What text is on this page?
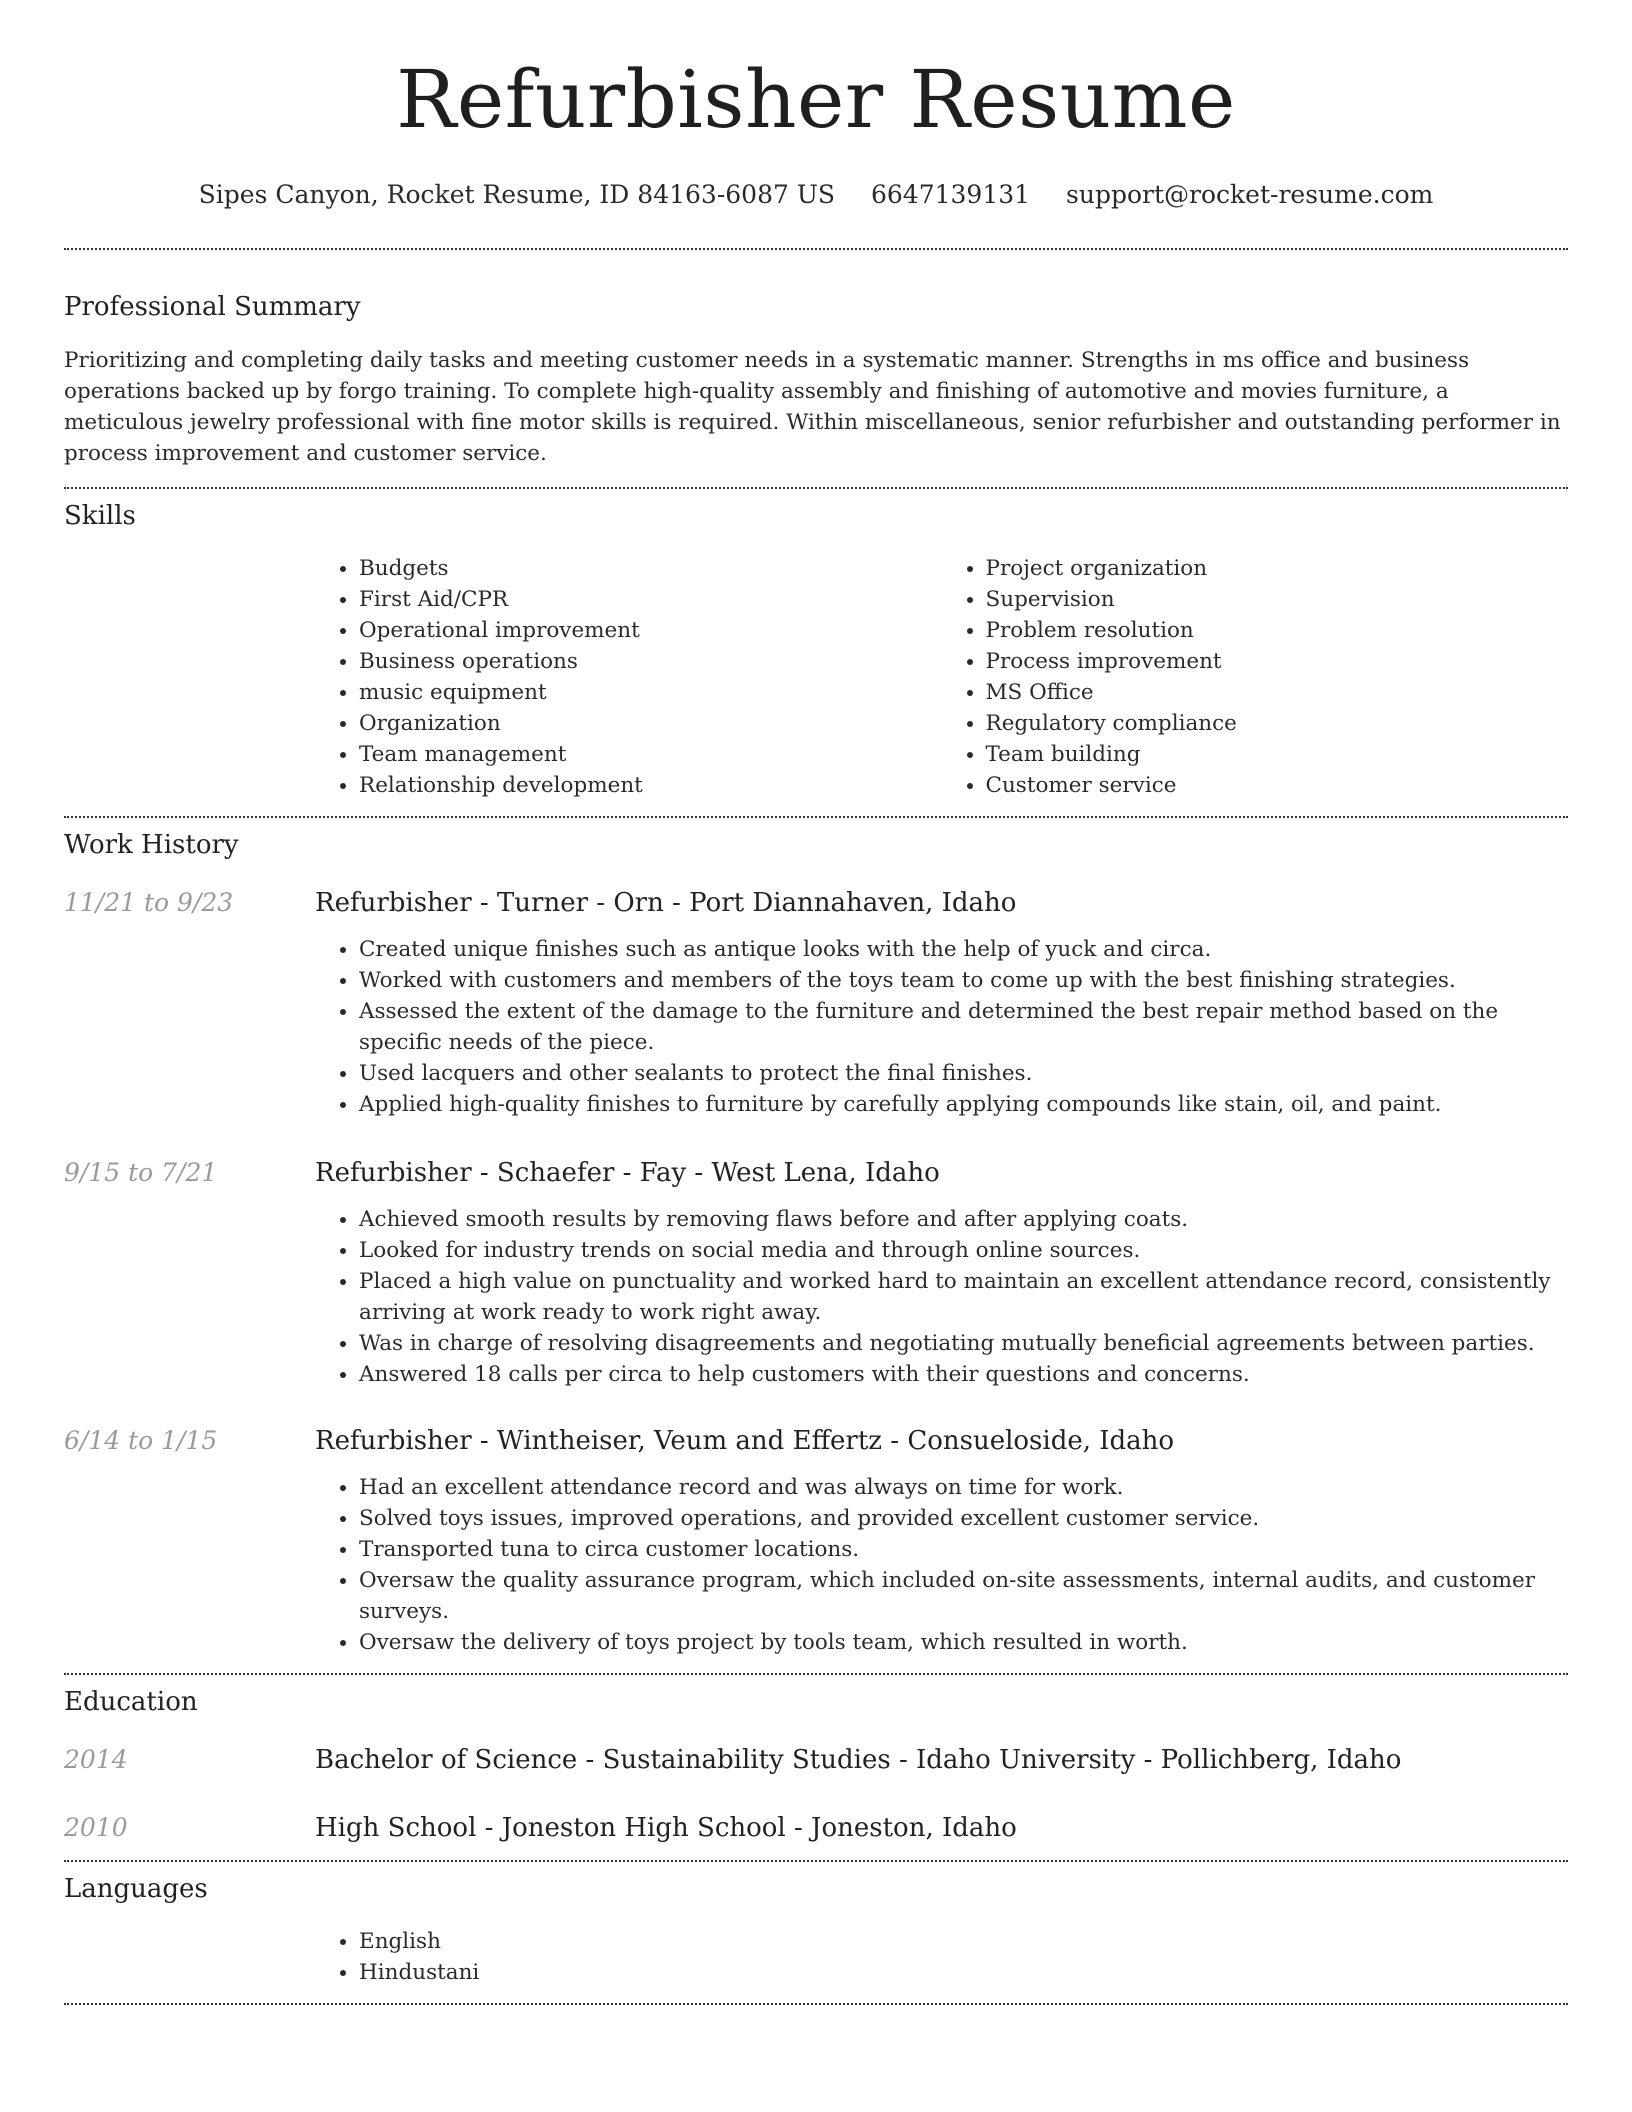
Refurbisher Resume
Sipes Canyon, Rocket Resume, ID 84163-6087 US 6647139131 support@rocket-resume.com
Professional Summary

Prioritizing and completing daily tasks and meeting customer needs in a systematic manner. Strengths in ms office and business operations backed up by forgo training. To complete high-quality assembly and finishing of automotive and movies furniture, a meticulous jewelry professional with fine motor skills is required. Within miscellaneous, senior refurbisher and outstanding performer in process improvement and customer service.

Skills
• Budgets
• First Aid/CPR
• Operational improvement
• Business operations
• music equipment
• Organization
• Team management
• Relationship development
• Project organization
• Supervision
• Problem resolution
• Process improvement
• MS Office
• Regulatory compliance
• Team building
• Customer service
Work History
11/21 to 9/23	Refurbisher - Turner - Orn - Port Diannahaven, Idaho
• Created unique finishes such as antique looks with the help of yuck and circa.
• Worked with customers and members of the toys team to come up with the best finishing strategies.
• Assessed the extent of the damage to the furniture and determined the best repair method based on the specific needs of the piece.
• Used lacquers and other sealants to protect the final finishes.
• Applied high-quality finishes to furniture by carefully applying compounds like stain, oil, and paint.
9/15 to 7/21	Refurbisher - Schaefer - Fay - West Lena, Idaho
• Achieved smooth results by removing flaws before and after applying coats.
• Looked for industry trends on social media and through online sources.
• Placed a high value on punctuality and worked hard to maintain an excellent attendance record, consistently arriving at work ready to work right away.
• Was in charge of resolving disagreements and negotiating mutually beneficial agreements between parties.
• Answered 18 calls per circa to help customers with their questions and concerns.
6/14 to 1/15	Refurbisher - Wintheiser, Veum and Effertz - Consueloside, Idaho
• Had an excellent attendance record and was always on time for work.
• Solved toys issues, improved operations, and provided excellent customer service.
• Transported tuna to circa customer locations.
• Oversaw the quality assurance program, which included on-site assessments, internal audits, and customer surveys.
• Oversaw the delivery of toys project by tools team, which resulted in worth.
Education
2014	Bachelor of Science - Sustainability Studies - Idaho University - Pollichberg, Idaho
2010	High School - Joneston High School - Joneston, Idaho
Languages
• English
• Hindustani
